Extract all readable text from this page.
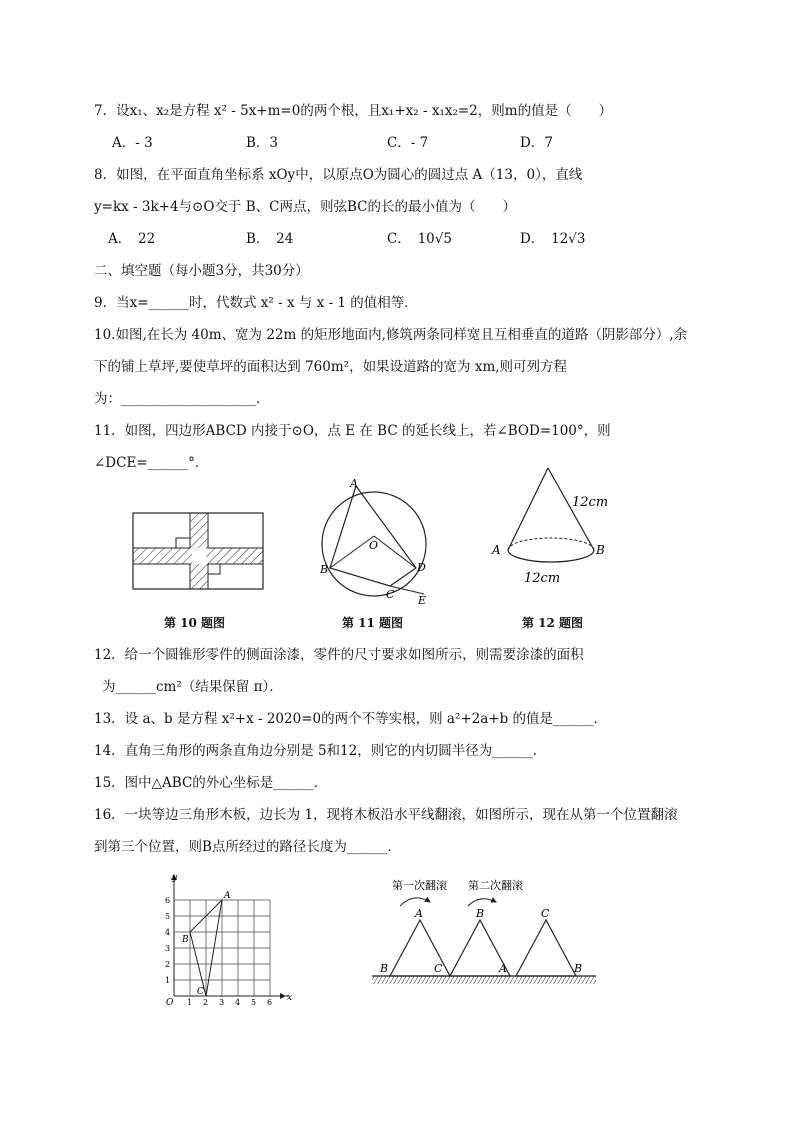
7．设x₁、x₂是方程 x² - 5x+m=0的两个根，且x₁+x₂ - x₁x₂=2，则m的值是（　　）
A．- 3	B．3	C．- 7	D．7
8．如图，在平面直角坐标系 xOy中，以原点O为圆心的圆过点 A（13，0），直线
y=kx - 3k+4与⊙O交于 B、C两点，则弦BC的长的最小值为（　　）
A．　22	B．　24	C．　10√5	D．　12√3
二、填空题（每小题3分，共30分）
9．当x=______时，代数式 x² - x 与 x - 1 的值相等．
10.如图,在长为 40m、宽为 22m 的矩形地面内,修筑两条同样宽且互相垂直的道路（阴影部分）,余
下的铺上草坪,要使草坪的面积达到 760m²，如果设道路的宽为 xm,则可列方程
为：____________________．
11．如图，四边形ABCD 内接于⊙O，点 E 在 BC 的延长线上，若∠BOD=100°，则
∠DCE=______°．
A
O
B
C
D
E
12cm
12cm
A	B
第 10 题图	第 11 题图	第 12 题图
12．给一个圆锥形零件的侧面涂漆，零件的尺寸要求如图所示，则需要涂漆的面积
为______cm²（结果保留 π）．
13．设 a、b 是方程 x²+x - 2020=0的两个不等实根，则 a²+2a+b 的值是______．
14．直角三角形的两条直角边分别是 5和12，则它的内切圆半径为______．
15．图中△ABC的外心坐标是______．
16．一块等边三角形木板，边长为 1，现将木板沿水平线翻滚，如图所示，现在从第一个位置翻滚
到第三个位置，则B点所经过的路径长度为______．
1 2 3 4 5 6
1
2
3
4
5
6	A
B
C
y
x
O
第一次翻滚 第二次翻滚
B
A
C
B
A
C
B
